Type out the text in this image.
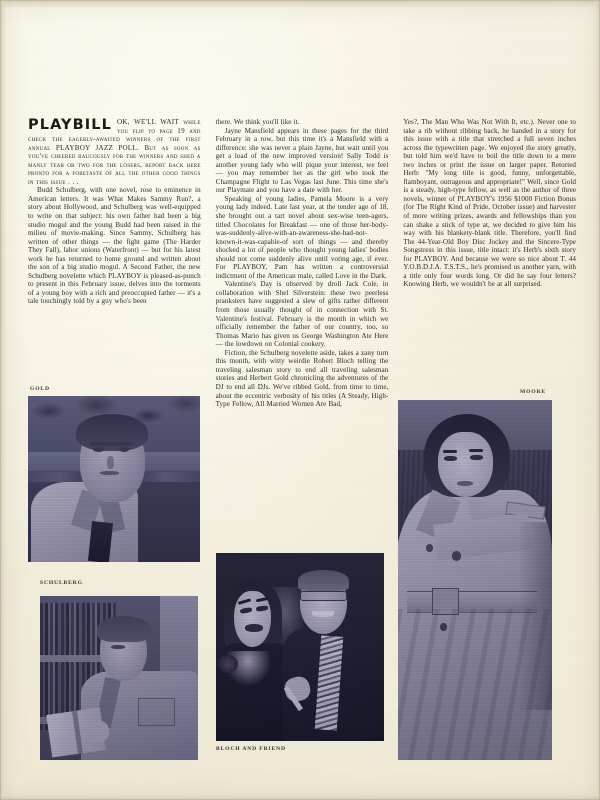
PLAYBILL OK, WE'LL WAIT while you flip to page 19 and check the eagerly-awaited winners of the first annual PLAYBOY JAZZ POLL. But as soon as you've cheered raucously for the winners and shed a manly tear or two for the losers, report back here pronto for a foretaste of all the other good things in this issue . . .

Budd Schulberg, with one novel, rose to eminence in American letters. It was What Makes Sammy Run?, a story about Hollywood, and Schulberg was well-equipped to write on that subject: his own father had been a big studio mogul and the young Budd had been raised in the milieu of movie-making. Since Sammy, Schulberg has written of other things — the fight game (The Harder They Fall), labor unions (Waterfront) — but for his latest work he has returned to home ground and written about the son of a big studio mogul. A Second Father, the new Schulberg novelette which PLAYBOY is pleased-as-punch to present in this February issue, delves into the torments of a young boy with a rich and preoccupied father — it's a tale touchingly told by a guy who's been

there. We think you'll like it.

Jayne Mansfield appears in these pages for the third February in a row, but this time it's a Mansfield with a difference: she was never a plain Jayne, but wait until you get a load of the new improved version! Sally Todd is another young lady who will pique your interest, we feel — you may remember her as the girl who took the Champagne Flight to Las Vegas last June. This time she's our Playmate and you have a date with her.

Speaking of young ladies, Pamela Moore is a very young lady indeed. Late last year, at the tender age of 18, she brought out a tart novel about sex-wise teen-agers, titled Chocolates for Breakfast — one of those her-body-was-suddenly-alive-with-an-awareness-she-had-not-known-it-was-capable-of sort of things — and thereby shocked a lot of people who thought young ladies' bodies should not come suddenly alive until voting age, if ever. For PLAYBOY, Pam has written a controversial indictment of the American male, called Love in the Dark.

Valentine's Day is observed by droll Jack Cole, in collaboration with Shel Silverstein: these two peerless pranksters have suggested a slew of gifts rather different from those usually thought of in connection with St. Valentine's festival. February is the month in which we officially remember the father of our country, too, so Thomas Mario has given us George Washington Ate Here — the lowdown on Colonial cookery.

Fiction, the Schulberg novelette aside, takes a zany turn this month, with witty weirdie Robert Bloch telling the traveling salesman story to end all traveling salesman stories and Herbert Gold chronicling the adventures of the DJ to end all DJs. We've ribbed Gold, from time to time, about the eccentric verbosity of his titles (A Steady, High-Type Fellow, All Married Women Are Bad,

Yes?, The Man Who Was Not With It, etc.). Never one to take a rib without ribbing back, he handed in a story for this issue with a title that stretched a full seven inches across the typewritten page. We enjoyed the story greatly, but told him we'd have to boil the title down to a mere two inches or print the issue on larger paper. Retorted Herb: "My long title is good, funny, unforgettable, flamboyant, outrageous and appropriate!" Well, since Gold is a steady, high-type fellow, as well as the author of three novels, winner of PLAYBOY's 1956 $1000 Fiction Bonus (for The Right Kind of Pride, October issue) and harvester of more writing prizes, awards and fellowships than you can shake a stick of type at, we decided to give him his way with his blankety-blank title. Therefore, you'll find The 44-Year-Old Boy Disc Jockey and the Sincere-Type Songstress in this issue, title intact: it's Herb's sixth story for PLAYBOY. And because we were so nice about T. 44 Y.O.B.D.J.A. T.S.T.S., he's promised us another yarn, with a title only four words long. Or did he say four letters? Knowing Herb, we wouldn't be at all surprised.

GOLD
SCHULBERG
BLOCH AND FRIEND
MOORE
